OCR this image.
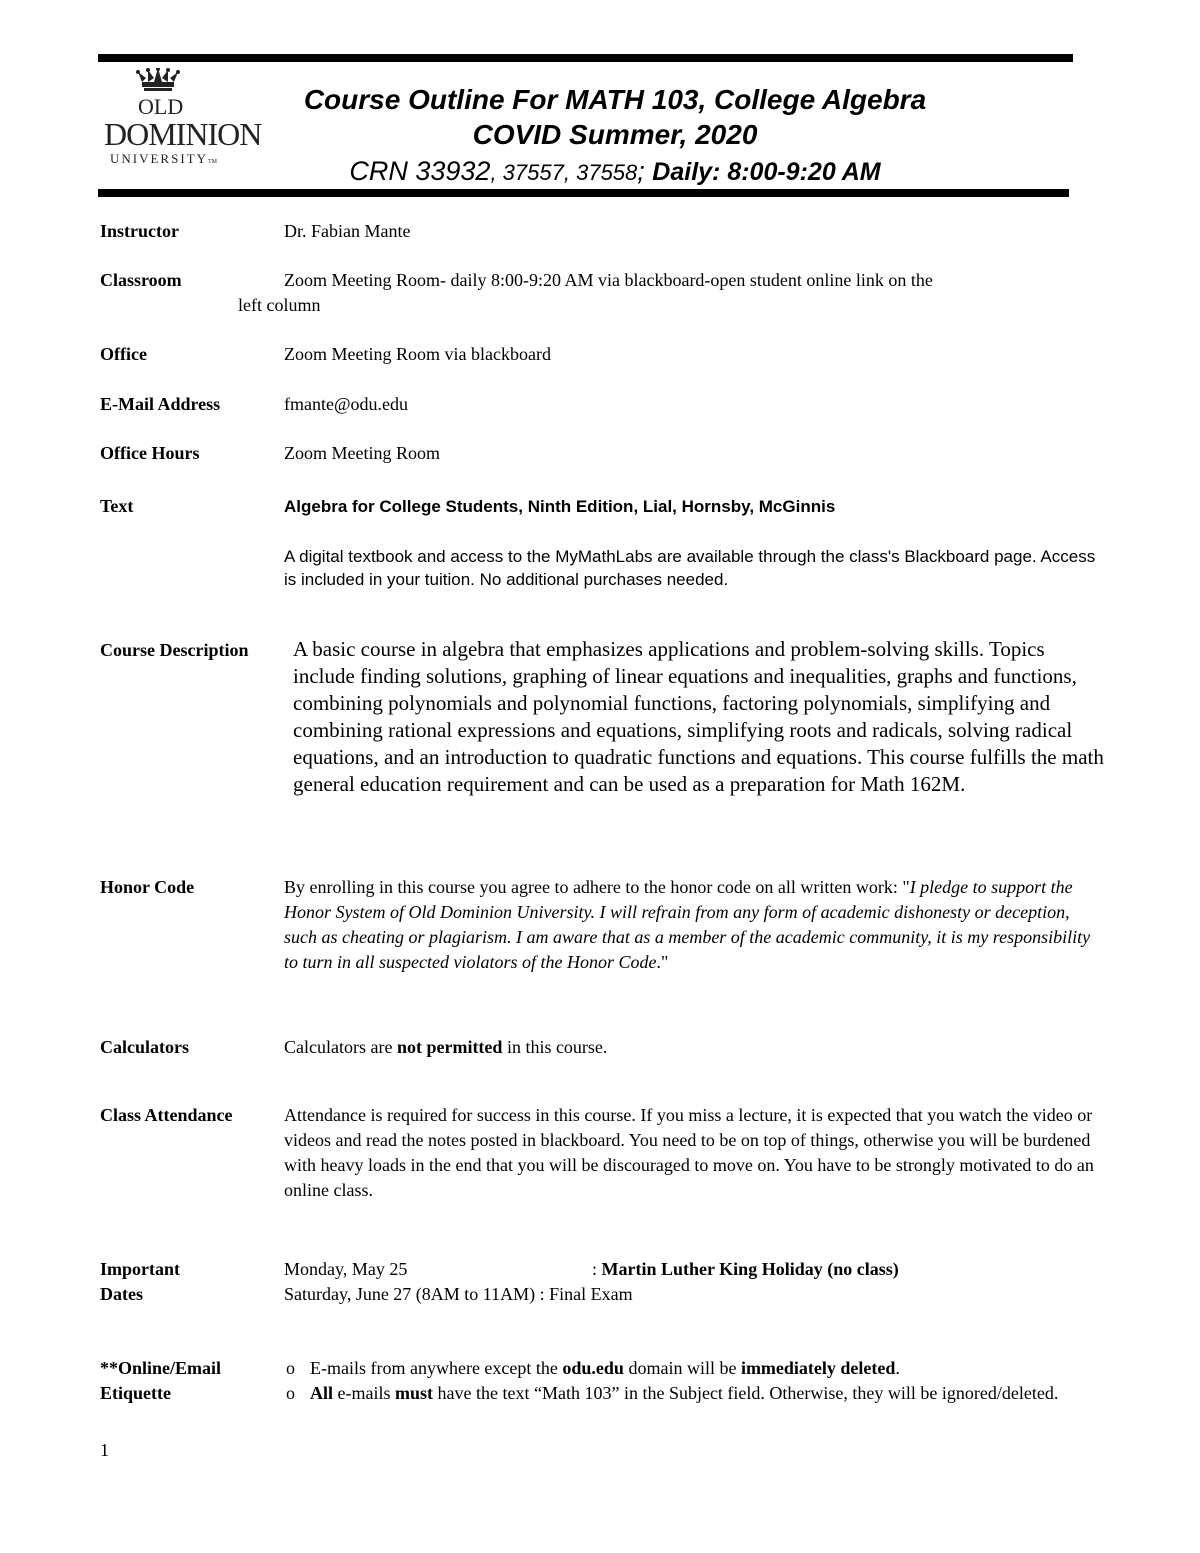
OLD
DOMINION
UNIVERSITYTM
Course Outline For MATH 103, College Algebra
COVID Summer, 2020
CRN 33932, 37557, 37558; Daily: 8:00-9:20 AM
Instructor	Dr. Fabian Mante
Classroom	Zoom Meeting Room- daily 8:00-9:20 AM via blackboard-open student online link on the
left column
Office	Zoom Meeting Room via blackboard
E-Mail Address	fmante@odu.edu
Office Hours	Zoom Meeting Room
Text	Algebra for College Students, Ninth Edition, Lial, Hornsby, McGinnis
A digital textbook and access to the MyMathLabs are available through the class's Blackboard page. Access is included in your tuition. No additional purchases needed.
Course Description A basic course in algebra that emphasizes applications and problem-solving skills. Topics include finding solutions, graphing of linear equations and inequalities, graphs and functions, combining polynomials and polynomial functions, factoring polynomials, simplifying and combining rational expressions and equations, simplifying roots and radicals, solving radical equations, and an introduction to quadratic functions and equations. This course fulfills the math general education requirement and can be used as a preparation for Math 162M.
Honor Code	By enrolling in this course you agree to adhere to the honor code on all written work: "I pledge to support the Honor System of Old Dominion University. I will refrain from any form of academic dishonesty or deception, such as cheating or plagiarism. I am aware that as a member of the academic community, it is my responsibility to turn in all suspected violators of the Honor Code."
Calculators	Calculators are not permitted in this course.
Class Attendance	Attendance is required for success in this course. If you miss a lecture, it is expected that you watch the video or videos and read the notes posted in blackboard. You need to be on top of things, otherwise you will be burdened with heavy loads in the end that you will be discouraged to move on. You have to be strongly motivated to do an online class.
Important
Dates
Monday, May 25	: Martin Luther King Holiday (no class)
Saturday, June 27 (8AM to 11AM) : Final Exam
**Online/Email
Etiquette
o E-mails from anywhere except the odu.edu domain will be immediately deleted.
o All e-mails must have the text “Math 103” in the Subject field. Otherwise, they will be ignored/deleted.
1
